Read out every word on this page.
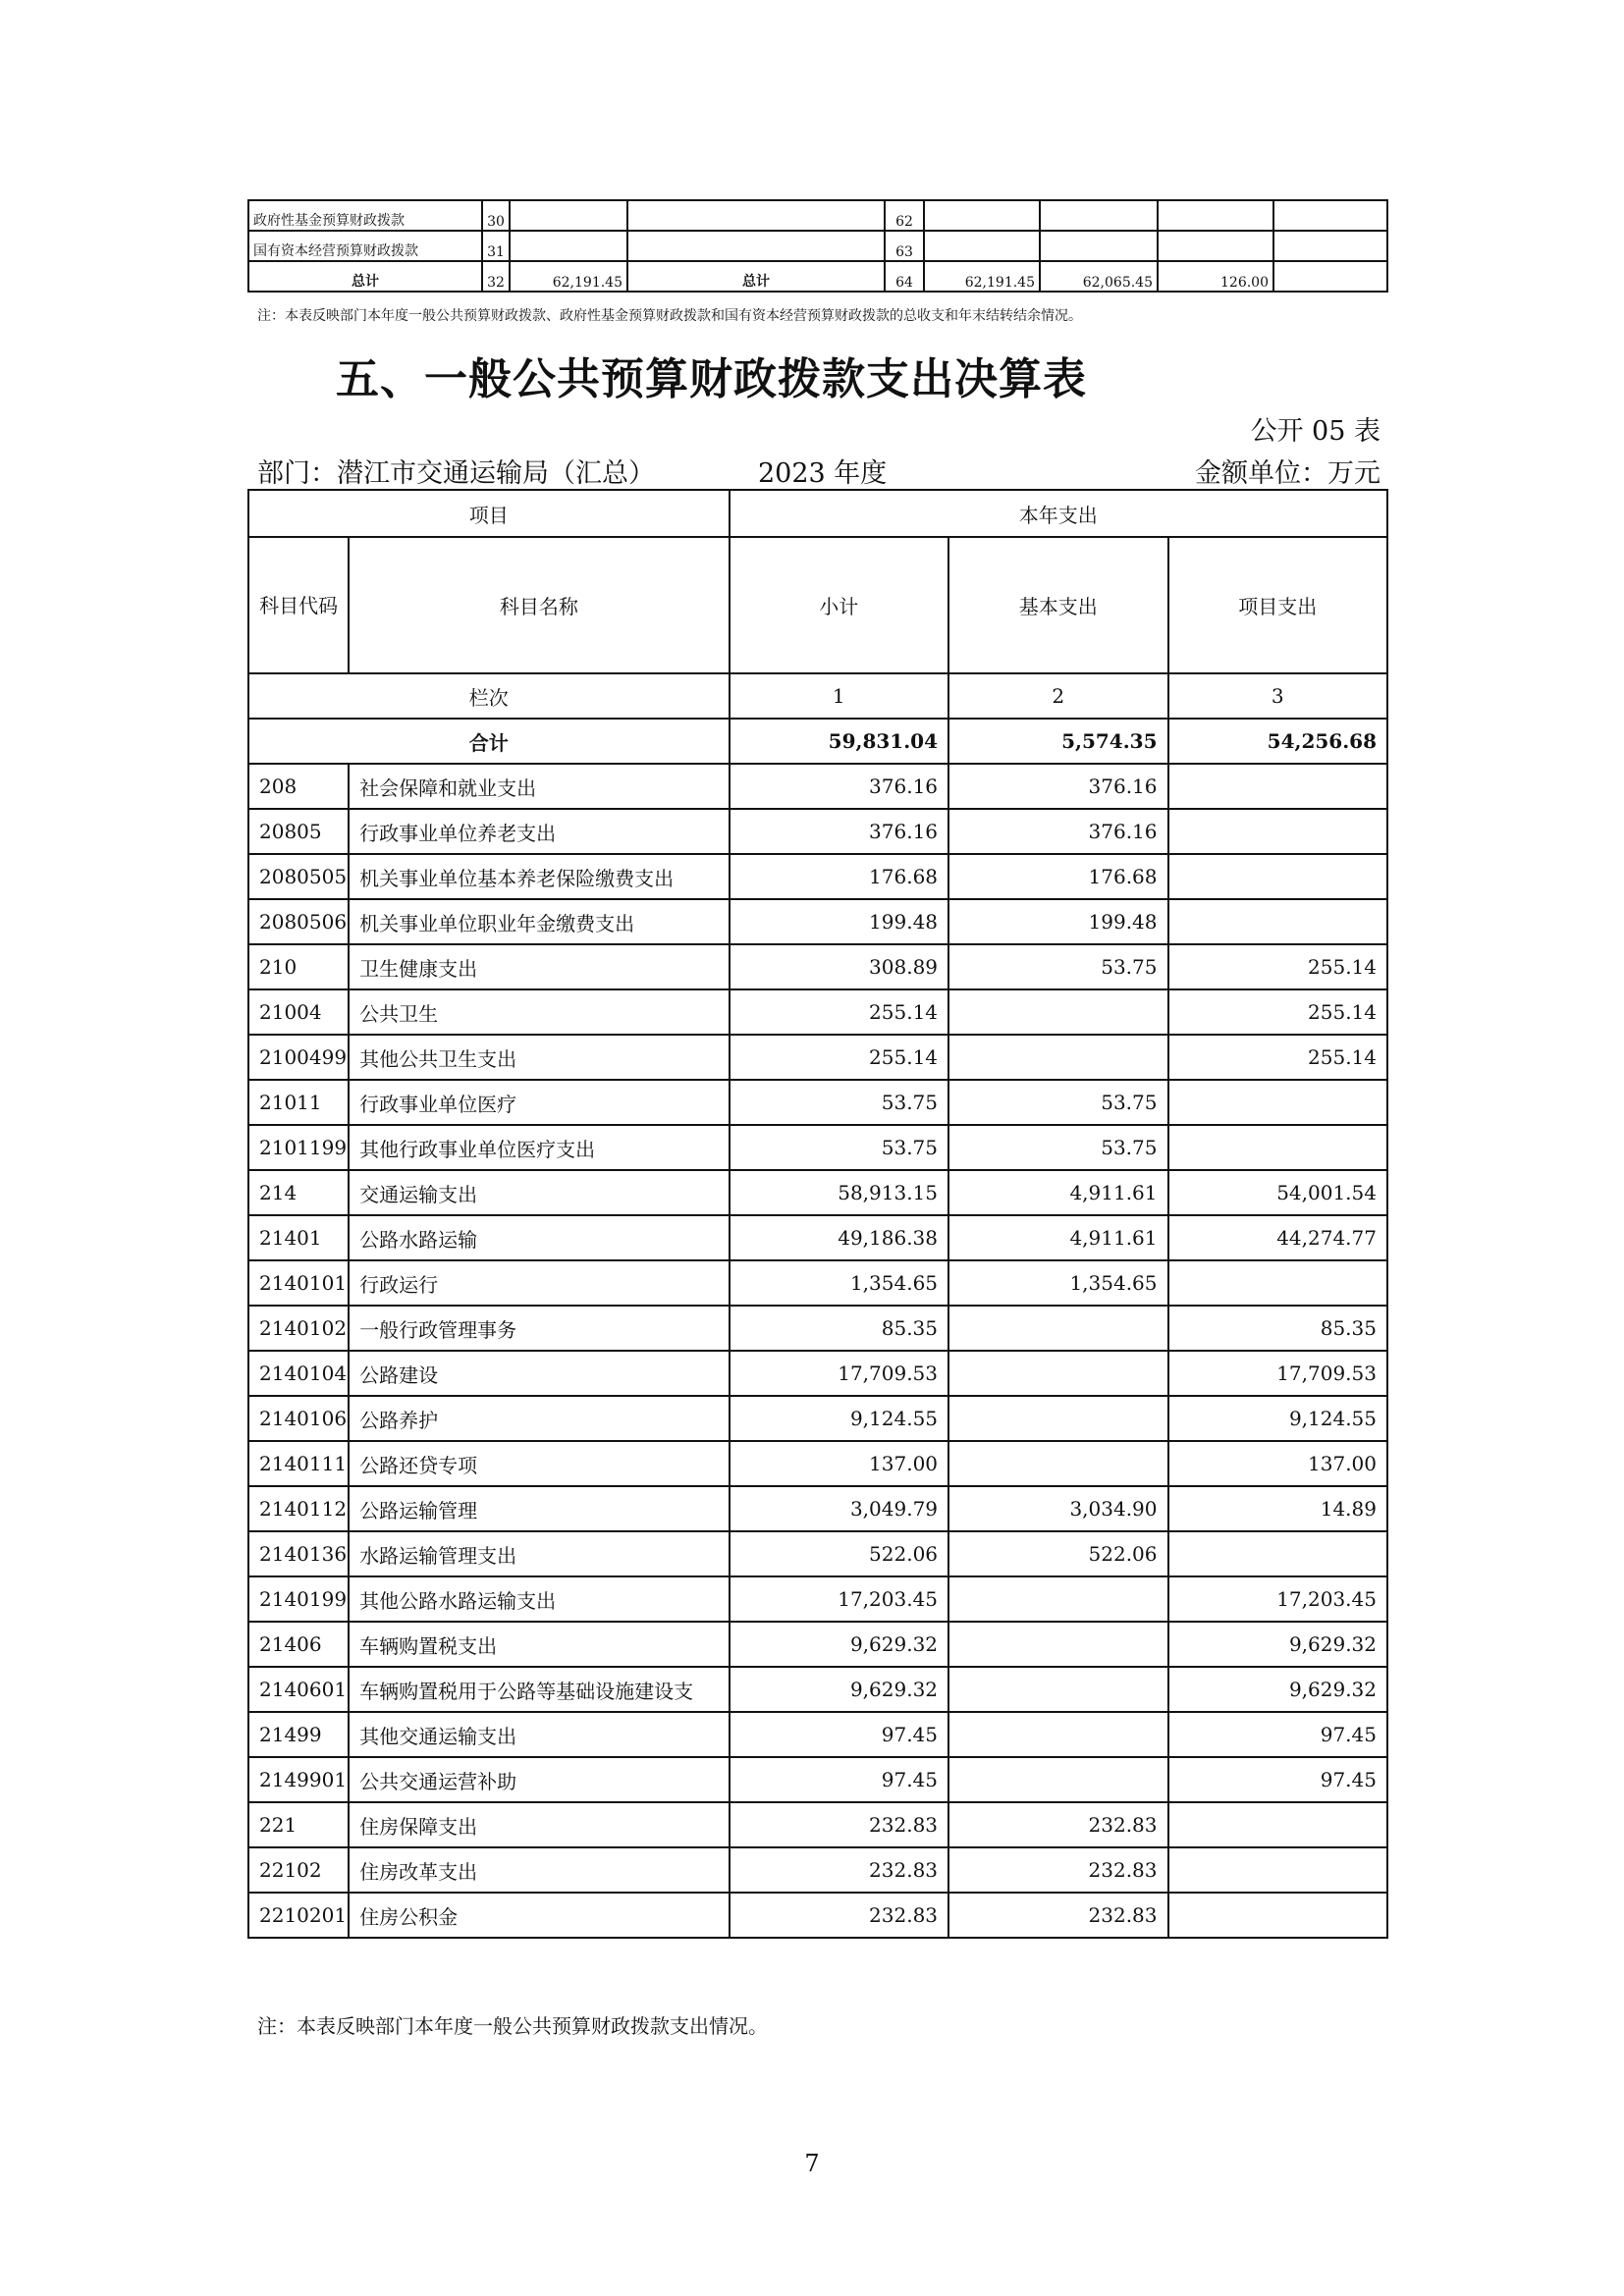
政府性基金预算财政拨款	30			62				
国有资本经营预算财政拨款	31			63				
总计	32	62,191.45	总计	64	62,191.45	62,065.45	126.00	
注：本表反映部门本年度一般公共预算财政拨款、政府性基金预算财政拨款和国有资本经营预算财政拨款的总收支和年末结转结余情况。
五、一般公共预算财政拨款支出决算表
公开 05 表
部门：潜江市交通运输局（汇总）	2023 年度	金额单位：万元
项目		本年支出		
科目代码	科目名称	小计	基本支出	项目支出
栏次		1	2	3
合计		59,831.04	5,574.35	54,256.68
208	社会保障和就业支出	376.16	376.16	
20805	行政事业单位养老支出	376.16	376.16	
2080505	机关事业单位基本养老保险缴费支出	176.68	176.68	
2080506	机关事业单位职业年金缴费支出	199.48	199.48	
210	卫生健康支出	308.89	53.75	255.14
21004	公共卫生	255.14		255.14
2100499	其他公共卫生支出	255.14		255.14
21011	行政事业单位医疗	53.75	53.75	
2101199	其他行政事业单位医疗支出	53.75	53.75	
214	交通运输支出	58,913.15	4,911.61	54,001.54
21401	公路水路运输	49,186.38	4,911.61	44,274.77
2140101	行政运行	1,354.65	1,354.65	
2140102	一般行政管理事务	85.35		85.35
2140104	公路建设	17,709.53		17,709.53
2140106	公路养护	9,124.55		9,124.55
2140111	公路还贷专项	137.00		137.00
2140112	公路运输管理	3,049.79	3,034.90	14.89
2140136	水路运输管理支出	522.06	522.06	
2140199	其他公路水路运输支出	17,203.45		17,203.45
21406	车辆购置税支出	9,629.32		9,629.32
2140601	车辆购置税用于公路等基础设施建设支	9,629.32		9,629.32
21499	其他交通运输支出	97.45		97.45
2149901	公共交通运营补助	97.45		97.45
221	住房保障支出	232.83	232.83	
22102	住房改革支出	232.83	232.83	
2210201	住房公积金	232.83	232.83	
注：本表反映部门本年度一般公共预算财政拨款支出情况。
7
